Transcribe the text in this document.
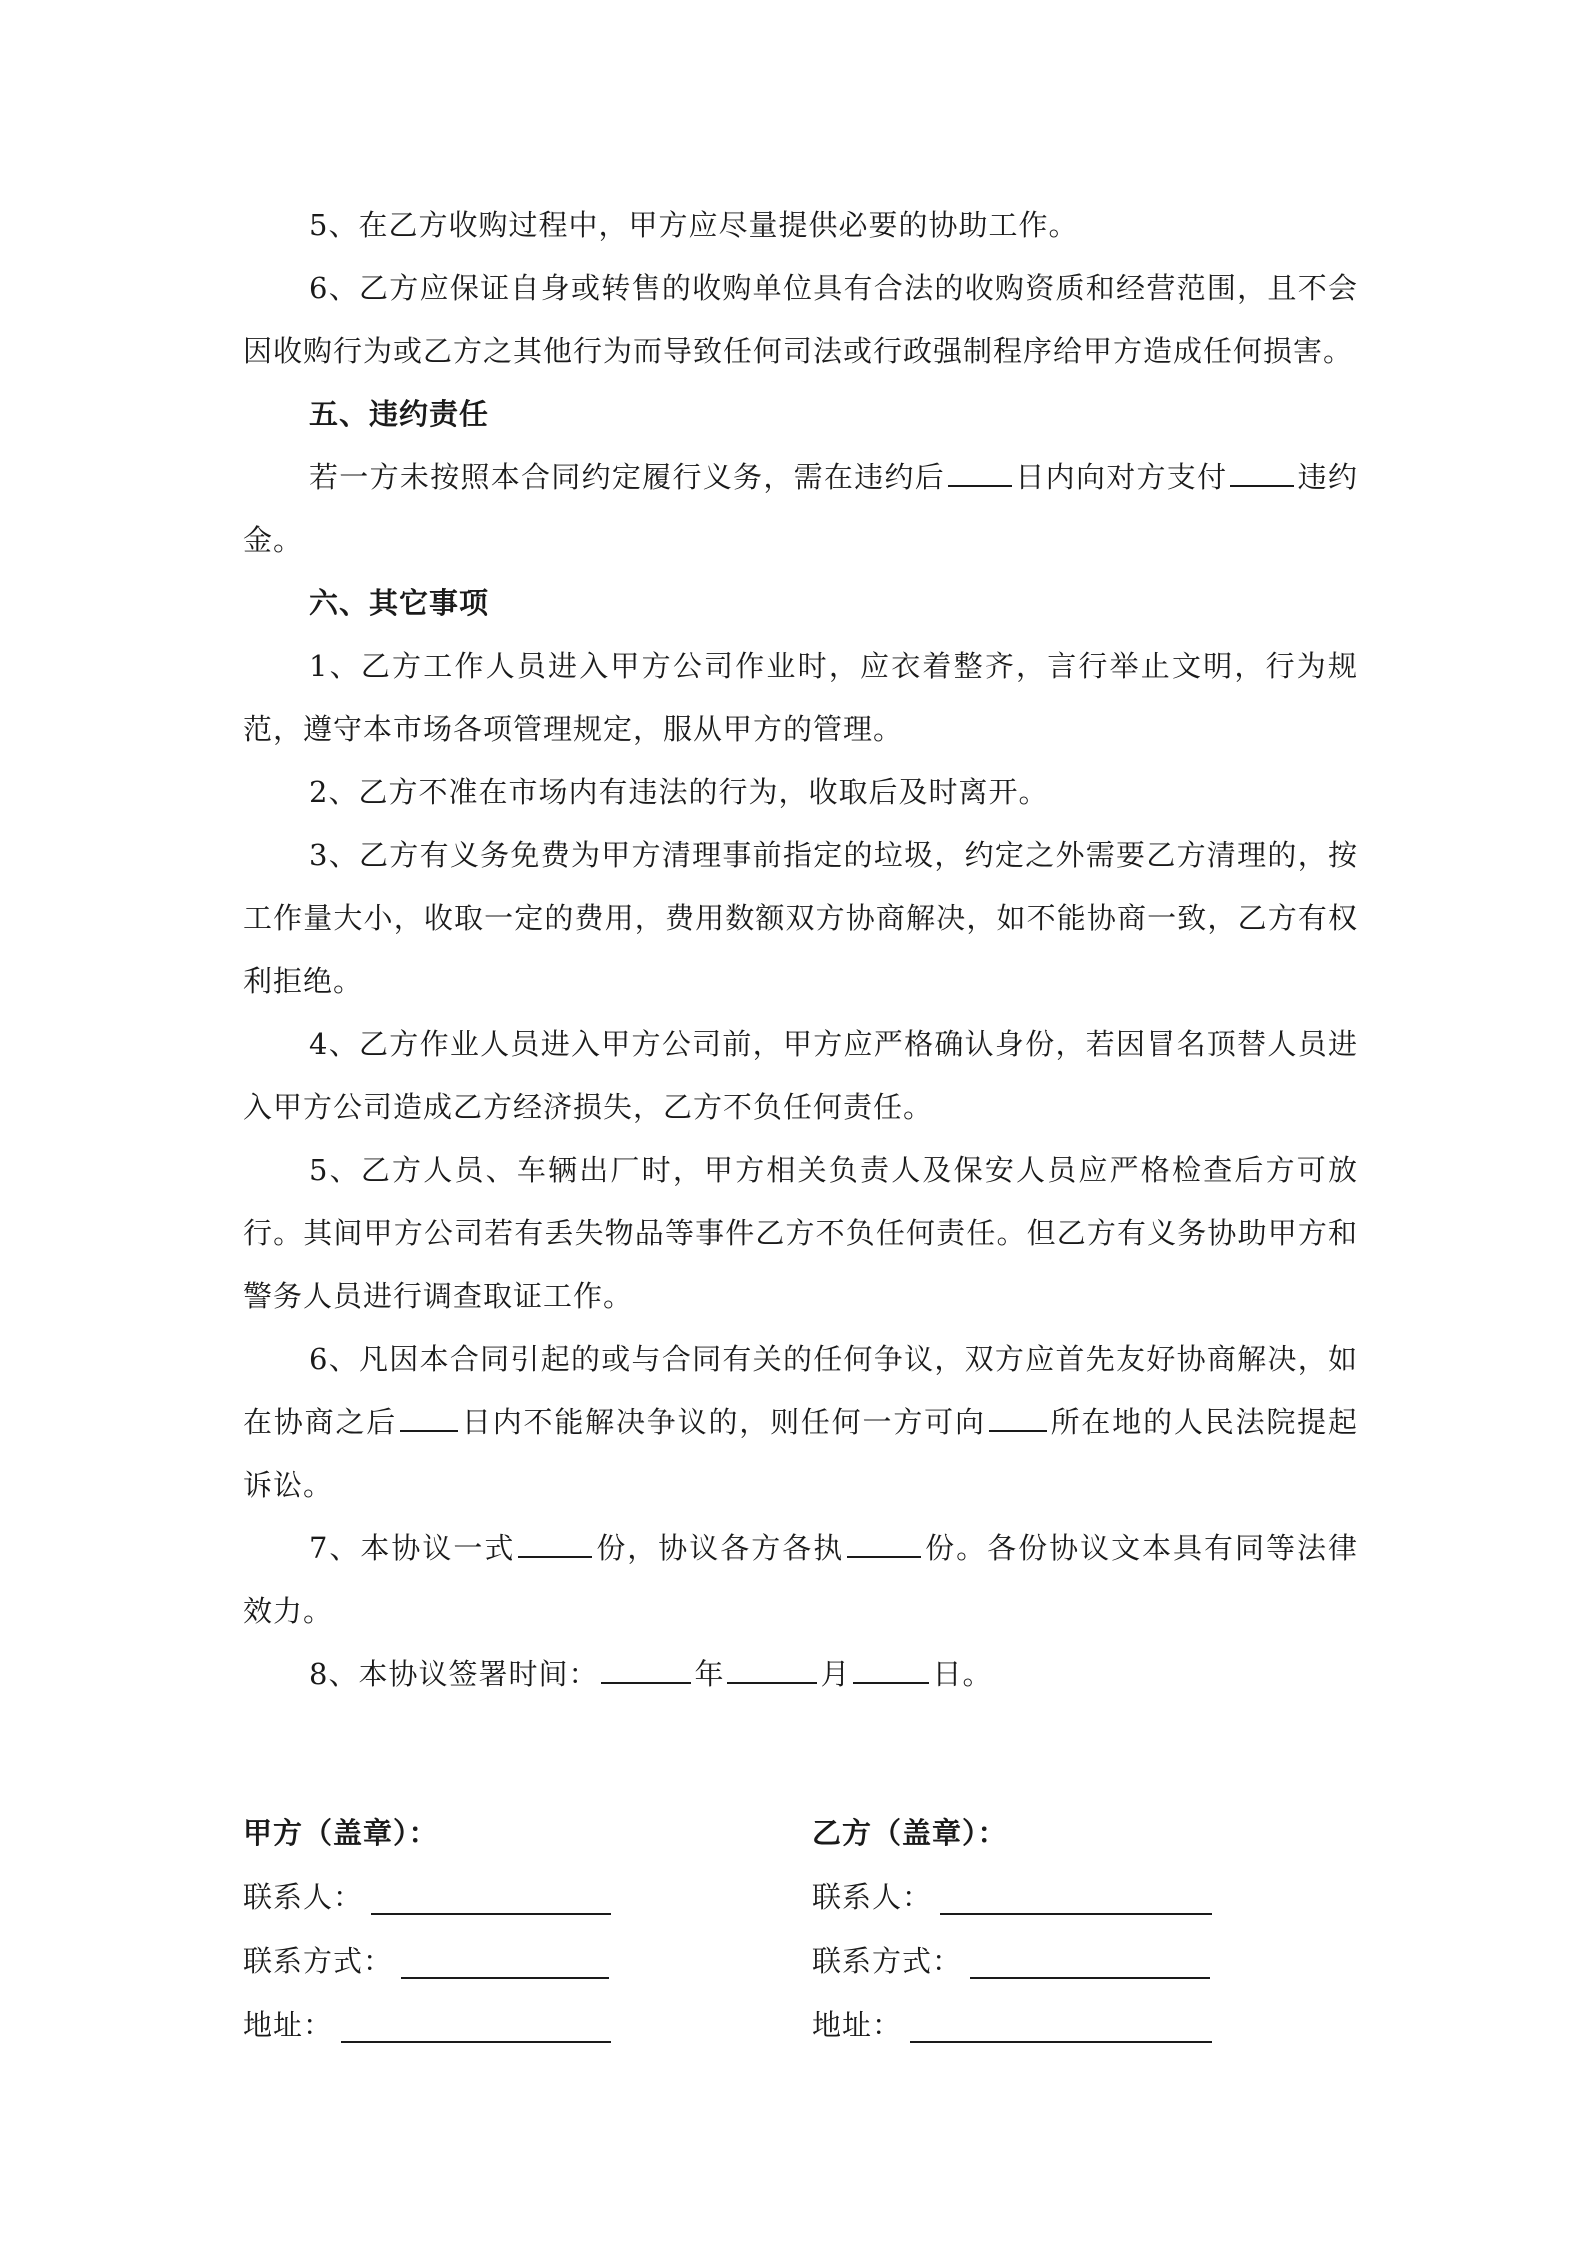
5、在乙方收购过程中，甲方应尽量提供必要的协助工作。

6、乙方应保证自身或转售的收购单位具有合法的收购资质和经营范围，且不会因收购行为或乙方之其他行为而导致任何司法或行政强制程序给甲方造成任何损害。

五、违约责任

若一方未按照本合同约定履行义务，需在违约后 日内向对方支付 违约金。

六、其它事项

1、乙方工作人员进入甲方公司作业时，应衣着整齐，言行举止文明，行为规范，遵守本市场各项管理规定，服从甲方的管理。

2、乙方不准在市场内有违法的行为，收取后及时离开。

3、乙方有义务免费为甲方清理事前指定的垃圾，约定之外需要乙方清理的，按工作量大小，收取一定的费用，费用数额双方协商解决，如不能协商一致，乙方有权利拒绝。

4、乙方作业人员进入甲方公司前，甲方应严格确认身份，若因冒名顶替人员进入甲方公司造成乙方经济损失，乙方不负任何责任。

5、乙方人员、车辆出厂时，甲方相关负责人及保安人员应严格检查后方可放行。其间甲方公司若有丢失物品等事件乙方不负任何责任。但乙方有义务协助甲方和警务人员进行调查取证工作。

6、凡因本合同引起的或与合同有关的任何争议，双方应首先友好协商解决，如在协商之后 日内不能解决争议的，则任何一方可向 所在地的人民法院提起诉讼。

7、本协议一式	份，协议各方各执	份。各份协议文本具有同等法律效力。

8、本协议签署时间：	年	月	日。

甲方（盖章）：
联系人：
联系方式：
地址：
乙方（盖章）：
联系人：
联系方式：
地址：
